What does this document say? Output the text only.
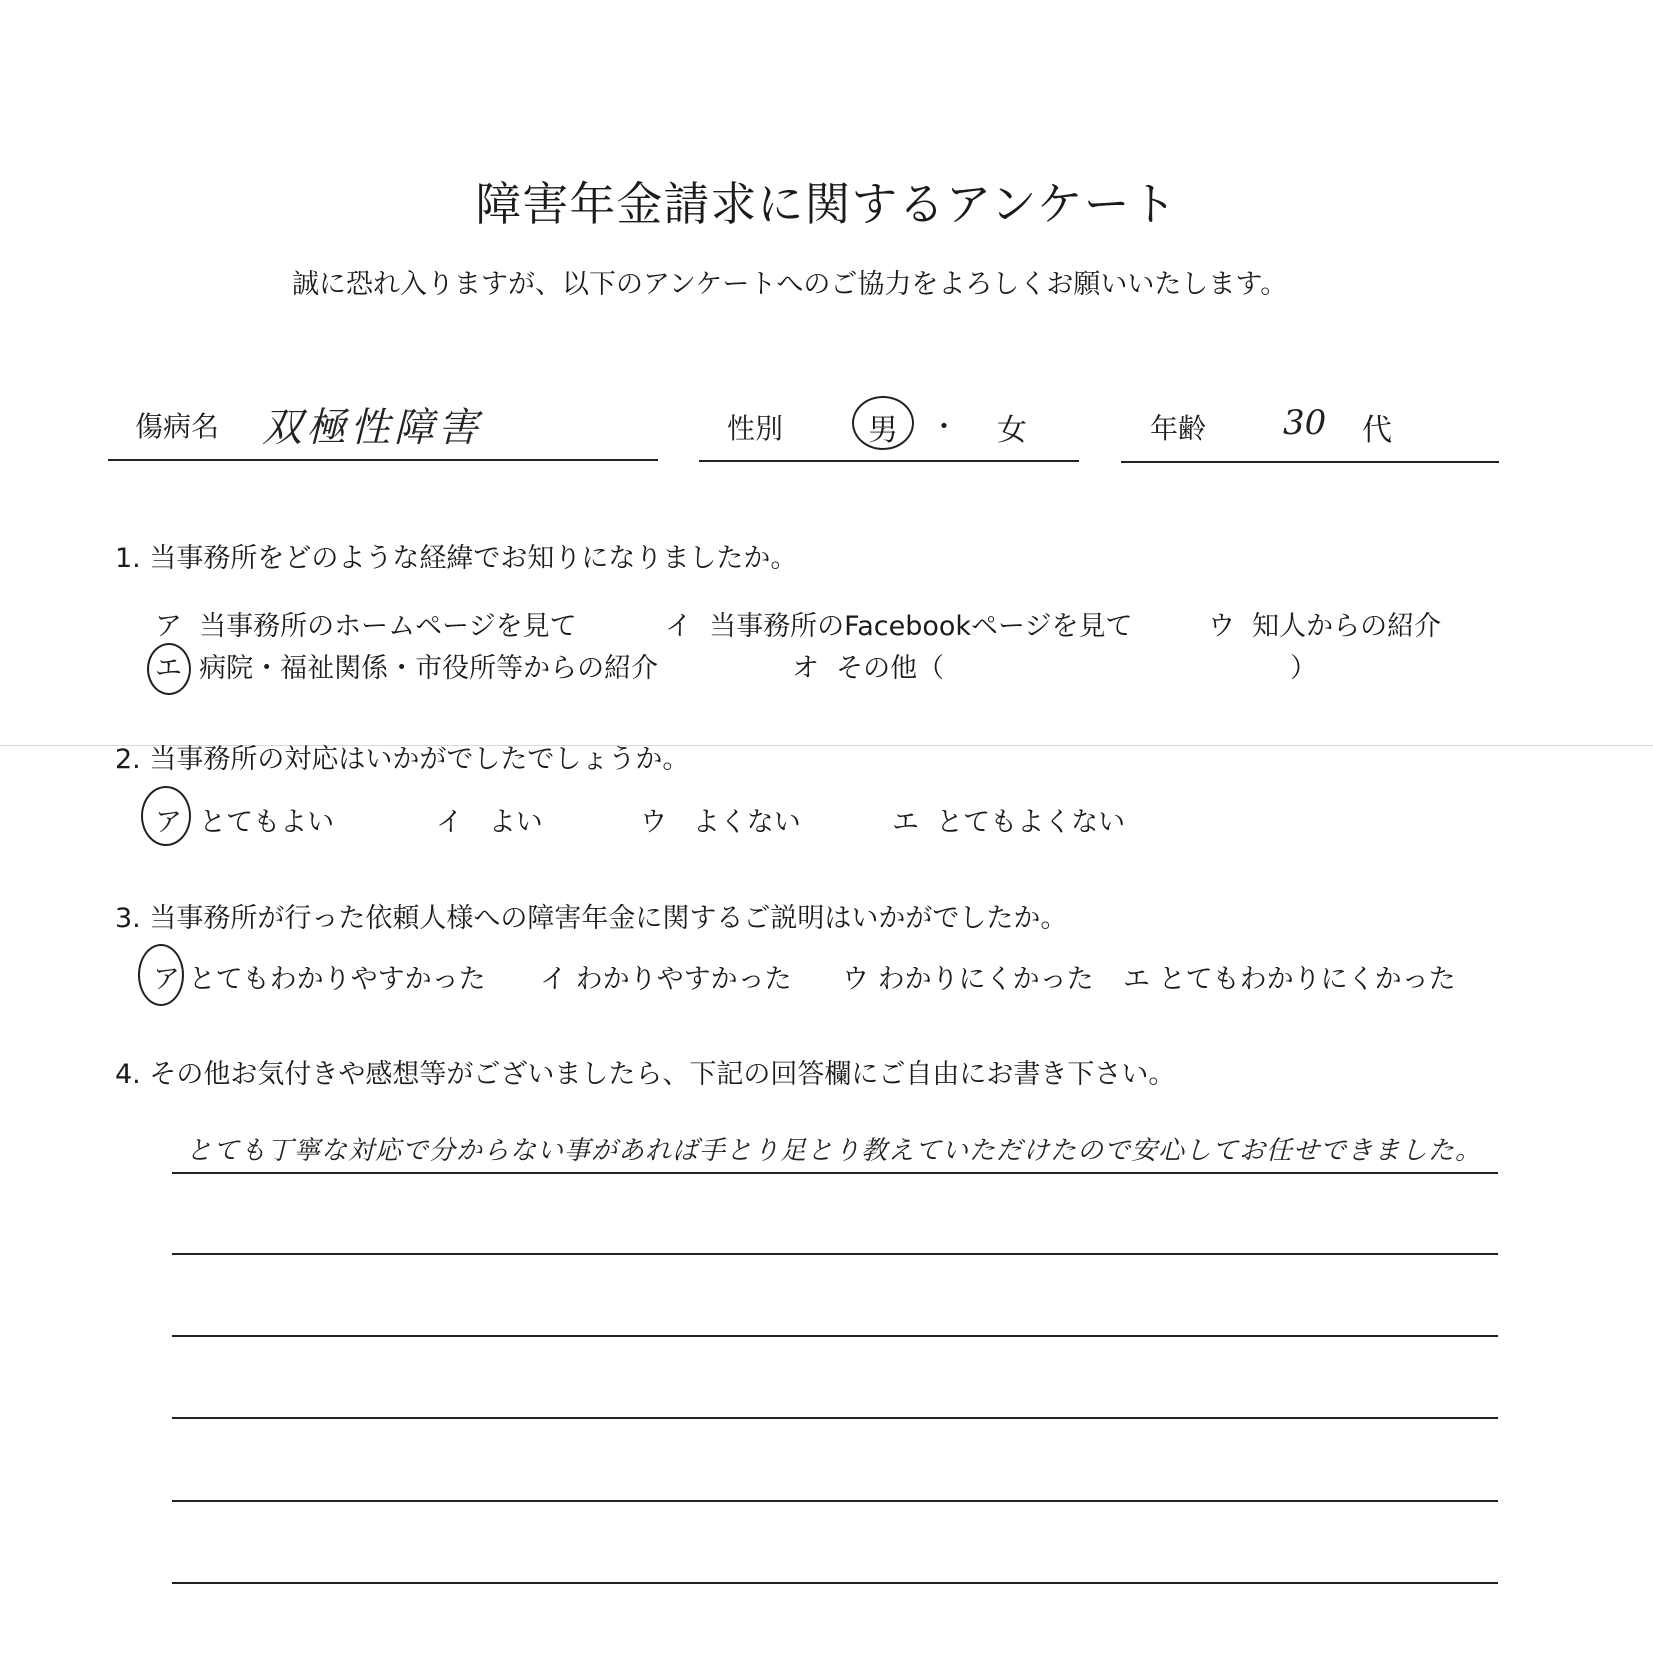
障害年金請求に関するアンケート
誠に恐れ入りますが、以下のアンケートへのご協力をよろしくお願いいたします。
傷病名 双極性障害	性別	男 ・ 女	年齢 30 代
1. 当事務所をどのような経緯でお知りになりましたか。
ア 当事務所のホームページを見て	イ 当事務所のFacebookページを見て	ウ 知人からの紹介
エ 病院・福祉関係・市役所等からの紹介	オ その他（	）
2. 当事務所の対応はいかがでしたでしょうか。
ア とてもよい	イ よい	ウ よくない	エ とてもよくない
3. 当事務所が行った依頼人様への障害年金に関するご説明はいかがでしたか。
ア とてもわかりやすかった イ わかりやすかった ウ わかりにくかった エ とてもわかりにくかった
4. その他お気付きや感想等がございましたら、下記の回答欄にご自由にお書き下さい。
とても丁寧な対応で分からない事があれば手とり足とり教えていただけたので安心してお任せできました。
